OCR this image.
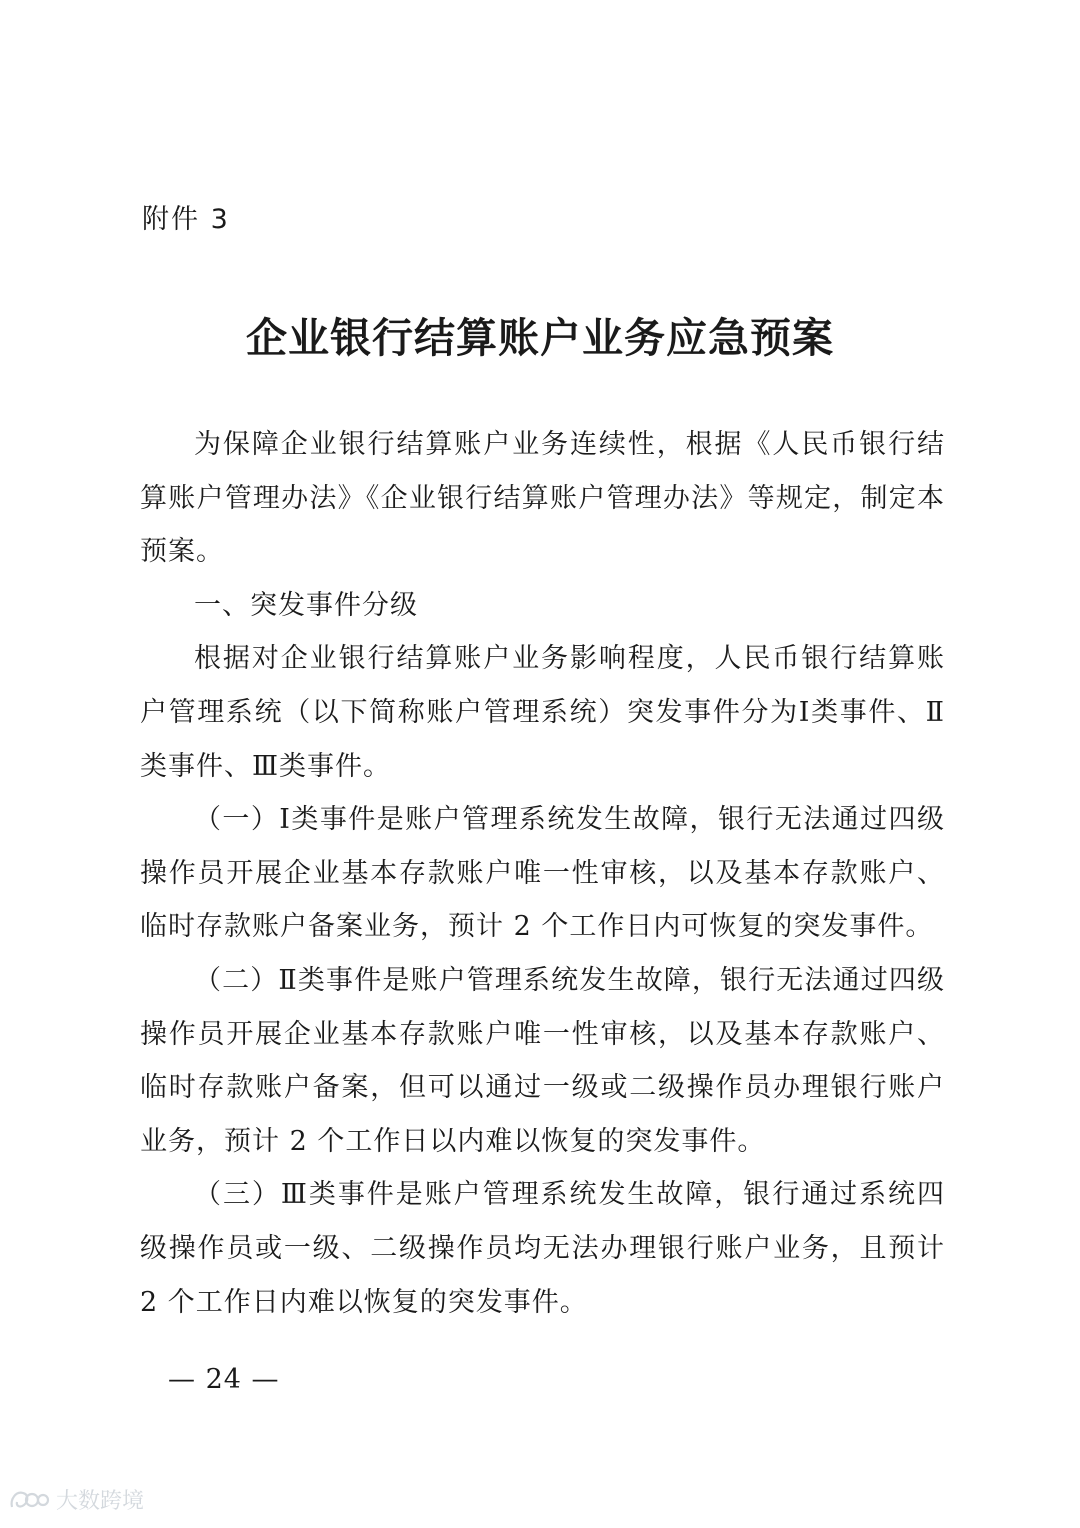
附件 3
企业银行结算账户业务应急预案

为保障企业银行结算账户业务连续性，根据《人民币银行结算账户管理办法》《企业银行结算账户管理办法》等规定，制定本预案。

一、突发事件分级

根据对企业银行结算账户业务影响程度，人民币银行结算账户管理系统（以下简称账户管理系统）突发事件分为Ⅰ类事件、Ⅱ类事件、Ⅲ类事件。

（一）Ⅰ类事件是账户管理系统发生故障，银行无法通过四级操作员开展企业基本存款账户唯一性审核，以及基本存款账户、临时存款账户备案业务，预计 2 个工作日内可恢复的突发事件。

（二）Ⅱ类事件是账户管理系统发生故障，银行无法通过四级操作员开展企业基本存款账户唯一性审核，以及基本存款账户、临时存款账户备案，但可以通过一级或二级操作员办理银行账户业务，预计 2 个工作日以内难以恢复的突发事件。

（三）Ⅲ类事件是账户管理系统发生故障，银行通过系统四级操作员或一级、二级操作员均无法办理银行账户业务，且预计 2 个工作日内难以恢复的突发事件。

— 24 —
大数跨境
